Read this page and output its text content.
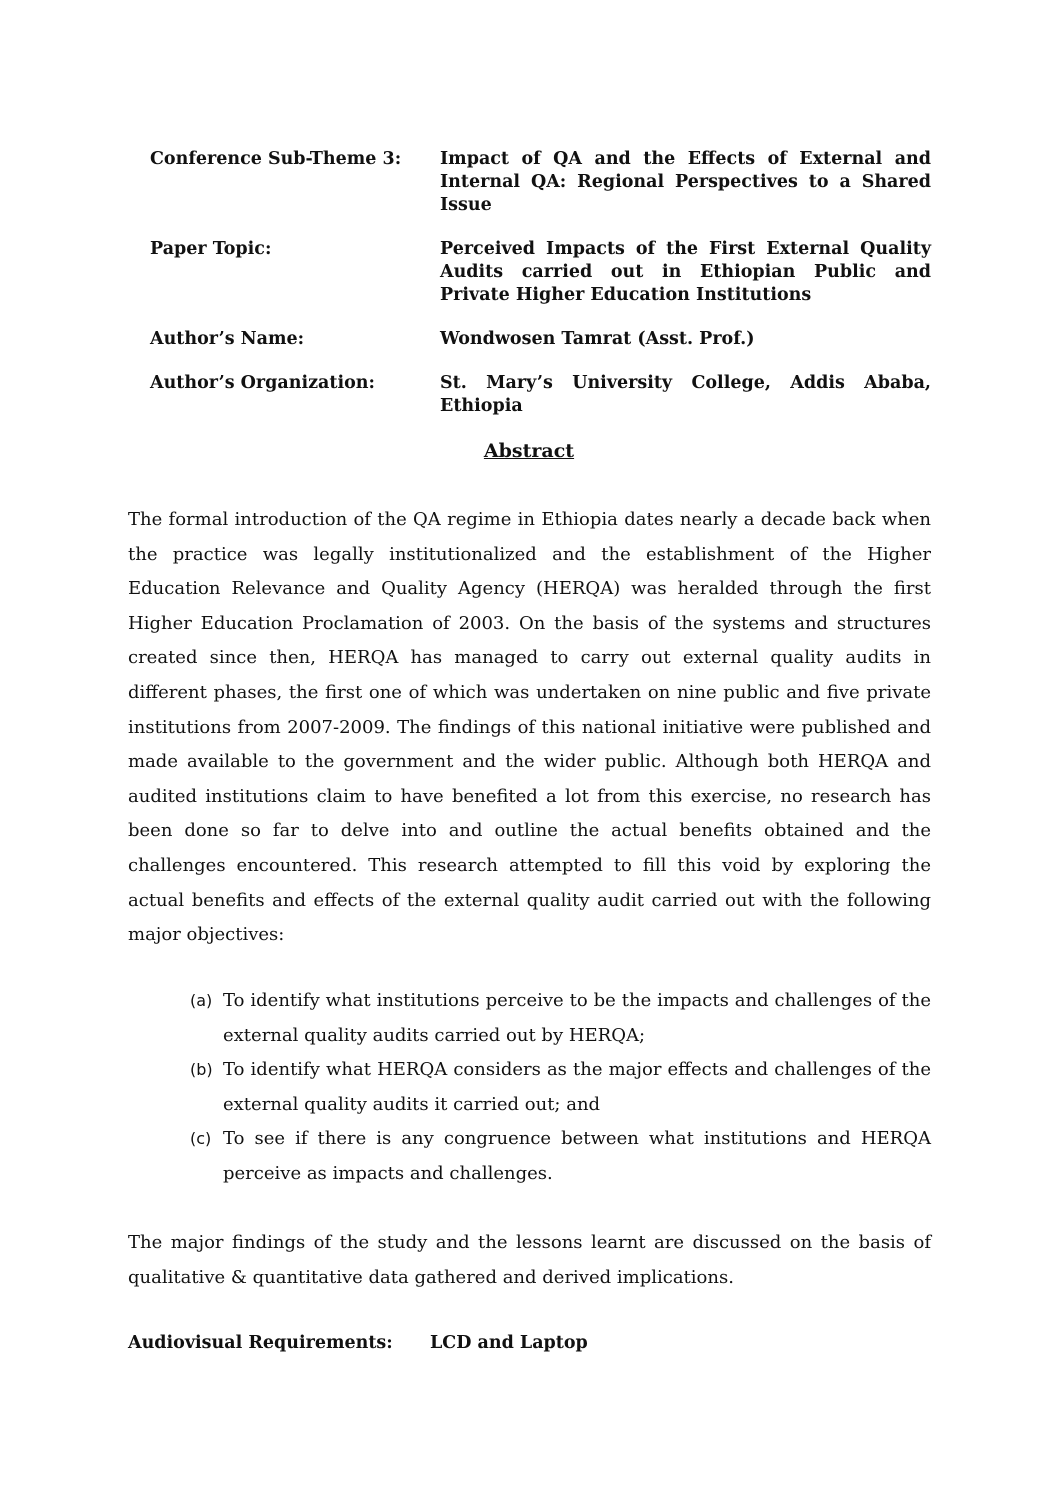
Conference Sub-Theme 3:	Impact of QA and the Effects of External and Internal QA: Regional Perspectives to a Shared Issue
Paper Topic:	Perceived Impacts of the First External Quality Audits carried out in Ethiopian Public and Private Higher Education Institutions
Author’s Name:	Wondwosen Tamrat (Asst. Prof.)
Author’s Organization:	St. Mary’s University College, Addis Ababa, Ethiopia
Abstract

The formal introduction of the QA regime in Ethiopia dates nearly a decade back when the practice was legally institutionalized and the establishment of the Higher Education Relevance and Quality Agency (HERQA) was heralded through the first Higher Education Proclamation of 2003. On the basis of the systems and structures created since then, HERQA has managed to carry out external quality audits in different phases, the first one of which was undertaken on nine public and five private institutions from 2007-2009. The findings of this national initiative were published and made available to the government and the wider public. Although both HERQA and audited institutions claim to have benefited a lot from this exercise, no research has been done so far to delve into and outline the actual benefits obtained and the challenges encountered. This research attempted to fill this void by exploring the actual benefits and effects of the external quality audit carried out with the following major objectives:

(a) To identify what institutions perceive to be the impacts and challenges of the external quality audits carried out by HERQA;
(b) To identify what HERQA considers as the major effects and challenges of the external quality audits it carried out; and
(c) To see if there is any congruence between what institutions and HERQA perceive as impacts and challenges.

The major findings of the study and the lessons learnt are discussed on the basis of qualitative & quantitative data gathered and derived implications.

Audiovisual Requirements:	LCD and Laptop
